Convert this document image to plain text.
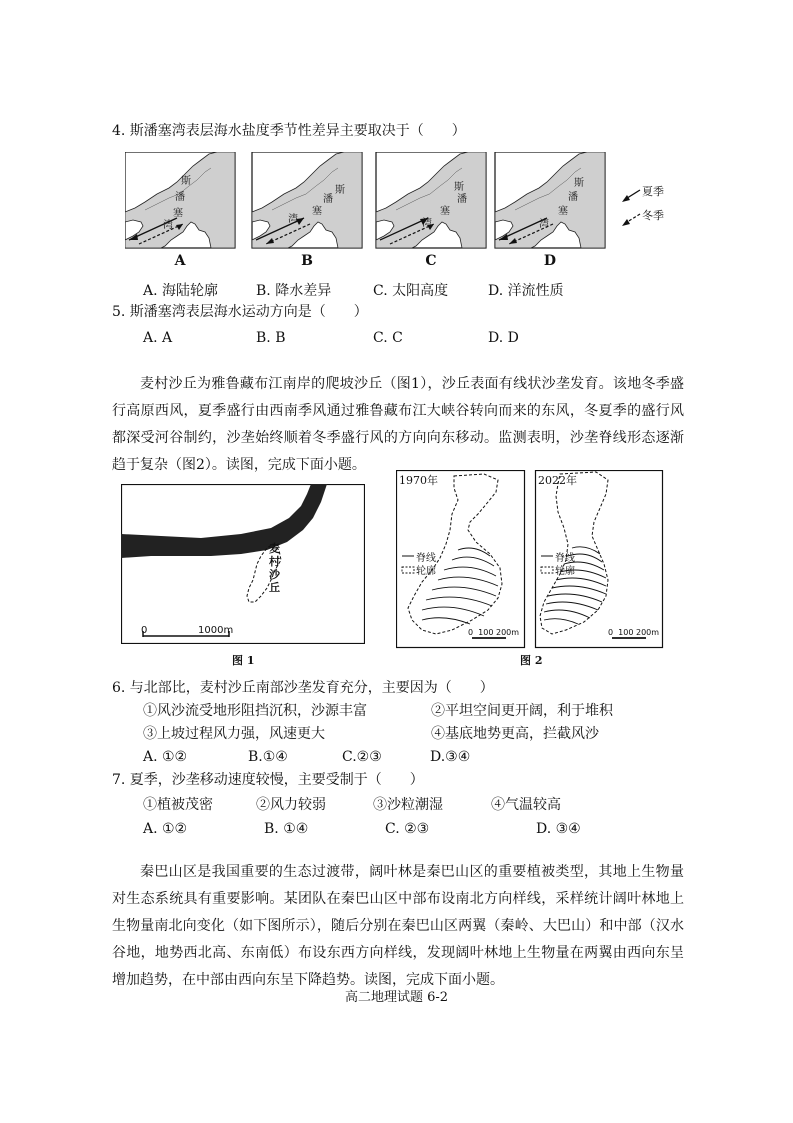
4. 斯潘塞湾表层海水盐度季节性差异主要取决于（　　）
斯
潘
塞
湾
斯
潘
塞
湾
斯
潘
塞
湾
斯
潘
塞
湾
A	B	C	D
夏季
冬季
A. 海陆轮廓	B. 降水差异	C. 太阳高度	D. 洋流性质
5. 斯潘塞湾表层海水运动方向是（　　）
A. A	B. B	C. C	D. D
麦村沙丘为雅鲁藏布江南岸的爬坡沙丘（图1），沙丘表面有线状沙垄发育。该地冬季盛行高原西风，夏季盛行由西南季风通过雅鲁藏布江大峡谷转向而来的东风，冬夏季的盛行风都深受河谷制约，沙垄始终顺着冬季盛行风的方向向东移动。监测表明，沙垄脊线形态逐渐趋于复杂（图2）。读图，完成下面小题。
麦
村
沙
丘
0	1000m
图 1
1970年	2022年
脊线
轮廓
脊线
轮廓
0  100 200m	0  100 200m
图 2
6. 与北部比，麦村沙丘南部沙垄发育充分，主要因为（　　）
①风沙流受地形阻挡沉积，沙源丰富	②平坦空间更开阔，利于堆积
③上坡过程风力强，风速更大	④基底地势更高，拦截风沙
A. ①②	B.①④	C.②③	D.③④
7. 夏季，沙垄移动速度较慢，主要受制于（　　）
①植被茂密	②风力较弱	③沙粒潮湿	④气温较高
A. ①②	B. ①④	C. ②③	D. ③④
秦巴山区是我国重要的生态过渡带，阔叶林是秦巴山区的重要植被类型，其地上生物量对生态系统具有重要影响。某团队在秦巴山区中部布设南北方向样线，采样统计阔叶林地上生物量南北向变化（如下图所示），随后分别在秦巴山区两翼（秦岭、大巴山）和中部（汉水谷地，地势西北高、东南低）布设东西方向样线，发现阔叶林地上生物量在两翼由西向东呈增加趋势，在中部由西向东呈下降趋势。读图，完成下面小题。
高二地理试题 6-2
